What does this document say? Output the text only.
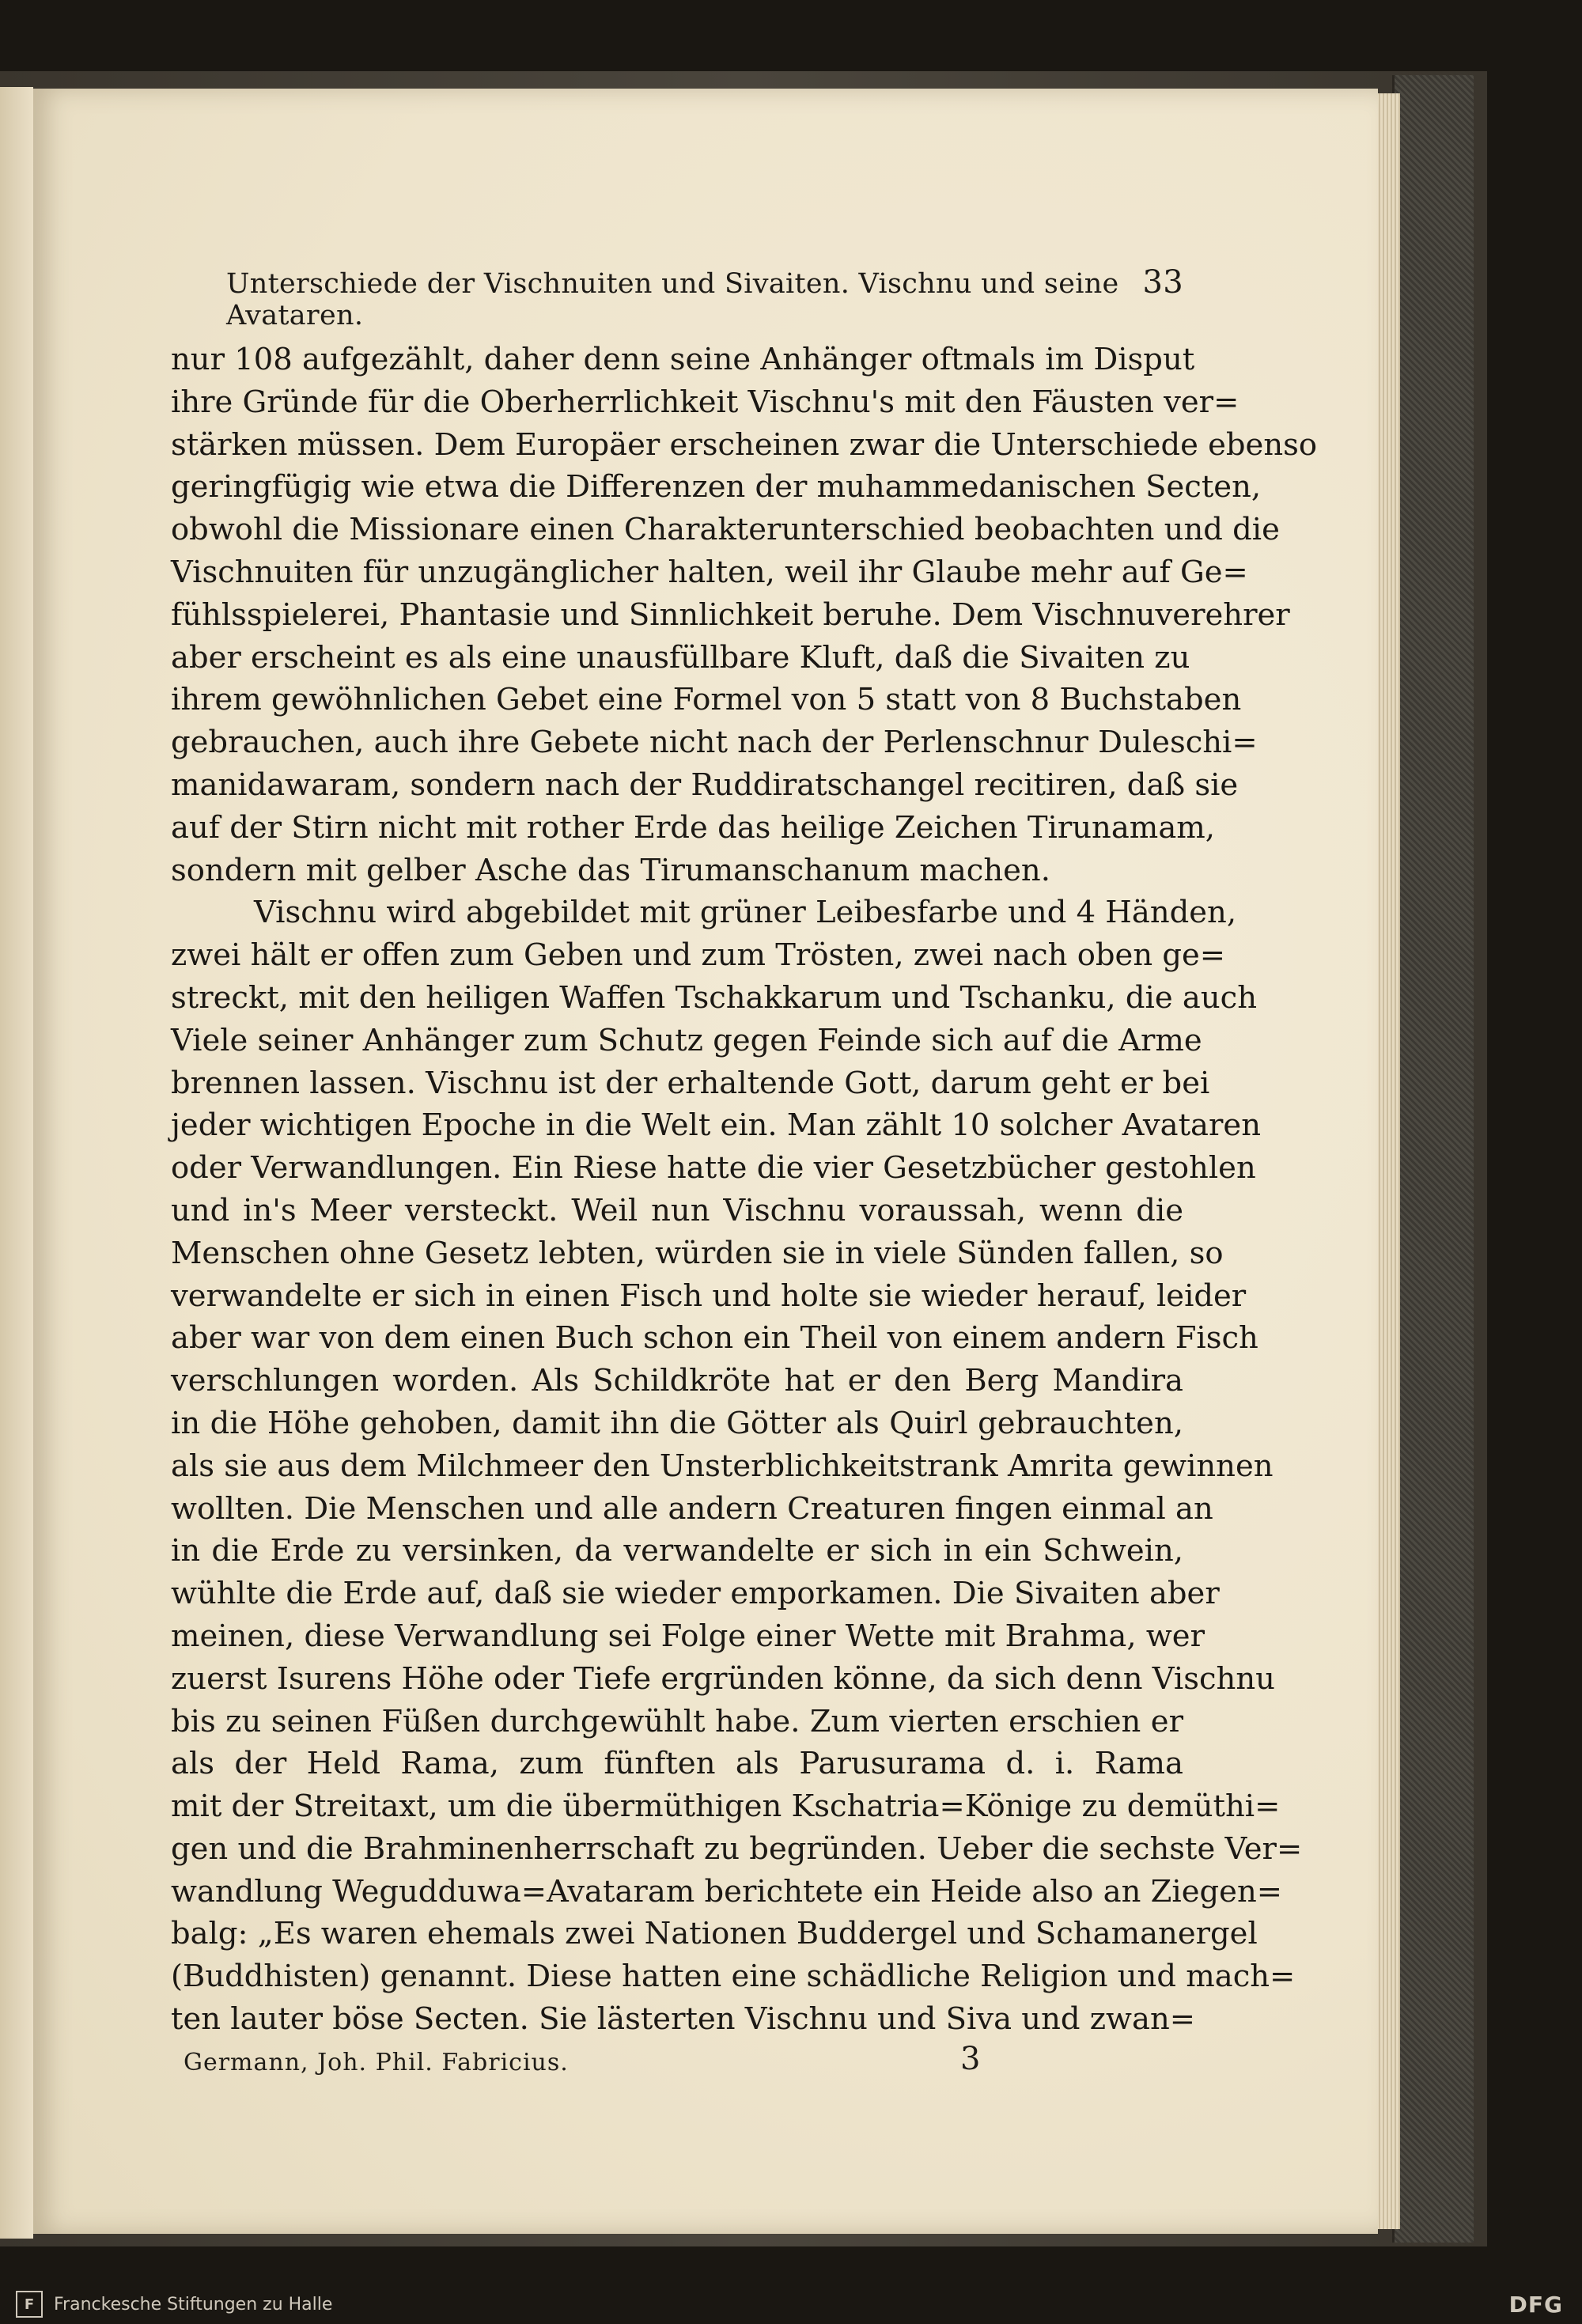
Unterschiede der Vischnuiten und Sivaiten. Vischnu und seine Avataren.
33
nur 108 aufgezählt, daher denn seine Anhänger oftmals im Disput
ihre Gründe für die Oberherrlichkeit Vischnu's mit den Fäusten ver=
stärken müssen. Dem Europäer erscheinen zwar die Unterschiede ebenso
geringfügig wie etwa die Differenzen der muhammedanischen Secten,
obwohl die Missionare einen Charakterunterschied beobachten und die
Vischnuiten für unzugänglicher halten, weil ihr Glaube mehr auf Ge=
fühlsspielerei, Phantasie und Sinnlichkeit beruhe. Dem Vischnuverehrer
aber erscheint es als eine unausfüllbare Kluft, daß die Sivaiten zu
ihrem gewöhnlichen Gebet eine Formel von 5 statt von 8 Buchstaben
gebrauchen, auch ihre Gebete nicht nach der Perlenschnur Duleschi=
manidawaram, sondern nach der Ruddiratschangel recitiren, daß sie
auf der Stirn nicht mit rother Erde das heilige Zeichen Tirunamam,
sondern mit gelber Asche das Tirumanschanum machen.
Vischnu wird abgebildet mit grüner Leibesfarbe und 4 Händen,
zwei hält er offen zum Geben und zum Trösten, zwei nach oben ge=
streckt, mit den heiligen Waffen Tschakkarum und Tschanku, die auch
Viele seiner Anhänger zum Schutz gegen Feinde sich auf die Arme
brennen lassen. Vischnu ist der erhaltende Gott, darum geht er bei
jeder wichtigen Epoche in die Welt ein. Man zählt 10 solcher Avataren
oder Verwandlungen. Ein Riese hatte die vier Gesetzbücher gestohlen
und in's Meer versteckt. Weil nun Vischnu voraussah, wenn die
Menschen ohne Gesetz lebten, würden sie in viele Sünden fallen, so
verwandelte er sich in einen Fisch und holte sie wieder herauf, leider
aber war von dem einen Buch schon ein Theil von einem andern Fisch
verschlungen worden. Als Schildkröte hat er den Berg Mandira
in die Höhe gehoben, damit ihn die Götter als Quirl gebrauchten,
als sie aus dem Milchmeer den Unsterblichkeitstrank Amrita gewinnen
wollten. Die Menschen und alle andern Creaturen fingen einmal an
in die Erde zu versinken, da verwandelte er sich in ein Schwein,
wühlte die Erde auf, daß sie wieder emporkamen. Die Sivaiten aber
meinen, diese Verwandlung sei Folge einer Wette mit Brahma, wer
zuerst Isurens Höhe oder Tiefe ergründen könne, da sich denn Vischnu
bis zu seinen Füßen durchgewühlt habe. Zum vierten erschien er
als der Held Rama, zum fünften als Parusurama d. i. Rama
mit der Streitaxt, um die übermüthigen Kschatria=Könige zu demüthi=
gen und die Brahminenherrschaft zu begründen. Ueber die sechste Ver=
wandlung Wegudduwa=Avataram berichtete ein Heide also an Ziegen=
balg: „Es waren ehemals zwei Nationen Buddergel und Schamanergel
(Buddhisten) genannt. Diese hatten eine schädliche Religion und mach=
ten lauter böse Secten. Sie lästerten Vischnu und Siva und zwan=
Germann, Joh. Phil. Fabricius.	3
F	Franckesche Stiftungen zu Halle	DFG
